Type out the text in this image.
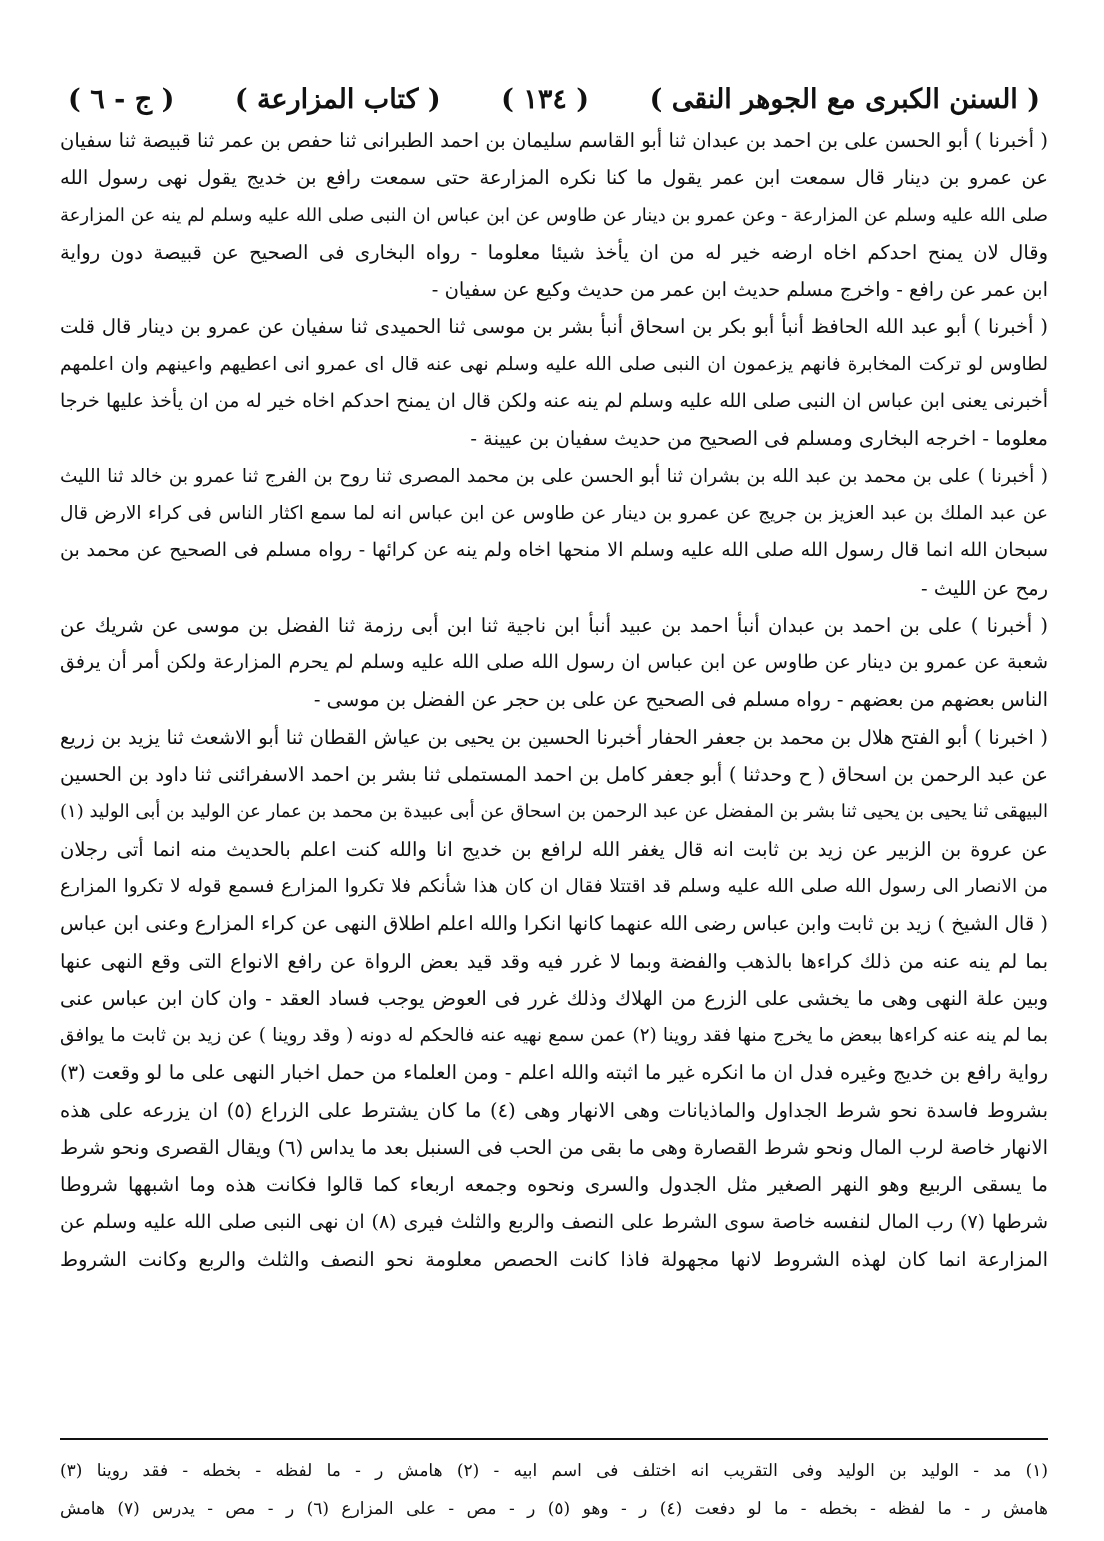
( السنن الكبرى مع الجوهر النقى )
( ١٣٤ )
( كتاب المزارعة )
( ج - ٦ )
( أخبرنا ) أبو الحسن على بن احمد بن عبدان ثنا أبو القاسم سليمان بن احمد الطبرانى ثنا حفص بن عمر ثنا قبيصة ثنا سفيان
عن عمرو بن دينار قال سمعت ابن عمر يقول ما كنا نكره المزارعة حتى سمعت رافع بن خديج يقول نهى رسول الله
صلى الله عليه وسلم عن المزارعة - وعن عمرو بن دينار عن طاوس عن ابن عباس ان النبى صلى الله عليه وسلم لم ينه عن المزارعة
وقال لان يمنح احدكم اخاه ارضه خير له من ان يأخذ شيئا معلوما - رواه البخارى فى الصحيح عن قبيصة دون رواية
ابن عمر عن رافع - واخرج مسلم حديث ابن عمر من حديث وكيع عن سفيان -
( أخبرنا ) أبو عبد الله الحافظ أنبأ أبو بكر بن اسحاق أنبأ بشر بن موسى ثنا الحميدى ثنا سفيان عن عمرو بن دينار قال قلت
لطاوس لو تركت المخابرة فانهم يزعمون ان النبى صلى الله عليه وسلم نهى عنه قال اى عمرو انى اعطيهم واعينهم وان اعلمهم
أخبرنى يعنى ابن عباس ان النبى صلى الله عليه وسلم لم ينه عنه ولكن قال ان يمنح احدكم اخاه خير له من ان يأخذ عليها خرجا
معلوما - اخرجه البخارى ومسلم فى الصحيح من حديث سفيان بن عيينة -
( أخبرنا ) على بن محمد بن عبد الله بن بشران ثنا أبو الحسن على بن محمد المصرى ثنا روح بن الفرج ثنا عمرو بن خالد ثنا الليث
عن عبد الملك بن عبد العزيز بن جريج عن عمرو بن دينار عن طاوس عن ابن عباس انه لما سمع اكثار الناس فى كراء الارض قال
سبحان الله انما قال رسول الله صلى الله عليه وسلم الا منحها اخاه ولم ينه عن كرائها - رواه مسلم فى الصحيح عن محمد بن
رمح عن الليث -
( أخبرنا ) على بن احمد بن عبدان أنبأ احمد بن عبيد أنبأ ابن ناجية ثنا ابن أبى رزمة ثنا الفضل بن موسى عن شريك عن
شعبة عن عمرو بن دينار عن طاوس عن ابن عباس ان رسول الله صلى الله عليه وسلم لم يحرم المزارعة ولكن أمر أن يرفق
الناس بعضهم من بعضهم - رواه مسلم فى الصحيح عن على بن حجر عن الفضل بن موسى -
( اخبرنا ) أبو الفتح هلال بن محمد بن جعفر الحفار أخبرنا الحسين بن يحيى بن عياش القطان ثنا أبو الاشعث ثنا يزيد بن زريع
عن عبد الرحمن بن اسحاق ( ح وحدثنا ) أبو جعفر كامل بن احمد المستملى ثنا بشر بن احمد الاسفرائنى ثنا داود بن الحسين
البيهقى ثنا يحيى بن يحيى ثنا بشر بن المفضل عن عبد الرحمن بن اسحاق عن أبى عبيدة بن محمد بن عمار عن الوليد بن أبى الوليد (١)
عن عروة بن الزبير عن زيد بن ثابت انه قال يغفر الله لرافع بن خديج انا والله كنت اعلم بالحديث منه انما أتى رجلان
من الانصار الى رسول الله صلى الله عليه وسلم قد اقتتلا فقال ان كان هذا شأنكم فلا تكروا المزارع فسمع قوله لا تكروا المزارع
( قال الشيخ ) زيد بن ثابت وابن عباس رضى الله عنهما كانها انكرا والله اعلم اطلاق النهى عن كراء المزارع وعنى ابن عباس
بما لم ينه عنه من ذلك كراءها بالذهب والفضة وبما لا غرر فيه وقد قيد بعض الرواة عن رافع الانواع التى وقع النهى عنها
وبين علة النهى وهى ما يخشى على الزرع من الهلاك وذلك غرر فى العوض يوجب فساد العقد - وان كان ابن عباس عنى
بما لم ينه عنه كراءها ببعض ما يخرج منها فقد روينا (٢) عمن سمع نهيه عنه فالحكم له دونه ( وقد روينا ) عن زيد بن ثابت ما يوافق
رواية رافع بن خديج وغيره فدل ان ما انكره غير ما اثبته والله اعلم - ومن العلماء من حمل اخبار النهى على ما لو وقعت (٣)
بشروط فاسدة نحو شرط الجداول والماذيانات وهى الانهار وهى (٤) ما كان يشترط على الزراع (٥) ان يزرعه على هذه
الانهار خاصة لرب المال ونحو شرط القصارة وهى ما بقى من الحب فى السنبل بعد ما يداس (٦) ويقال القصرى ونحو شرط
ما يسقى الربيع وهو النهر الصغير مثل الجدول والسرى ونحوه وجمعه اربعاء كما قالوا فكانت هذه وما اشبهها شروطا
شرطها (٧) رب المال لنفسه خاصة سوى الشرط على النصف والربع والثلث فيرى (٨) ان نهى النبى صلى الله عليه وسلم عن
المزارعة انما كان لهذه الشروط لانها مجهولة فاذا كانت الحصص معلومة نحو النصف والثلث والربع وكانت الشروط
(١) مد - الوليد بن الوليد وفى التقريب انه اختلف فى اسم ابيه - (٢) هامش ر - ما لفظه - بخطه - فقد روينا (٣)
هامش ر - ما لفظه - بخطه - ما لو دفعت (٤) ر - وهو (٥) ر - مص - على المزارع (٦) ر - مص - يدرس (٧) هامش
